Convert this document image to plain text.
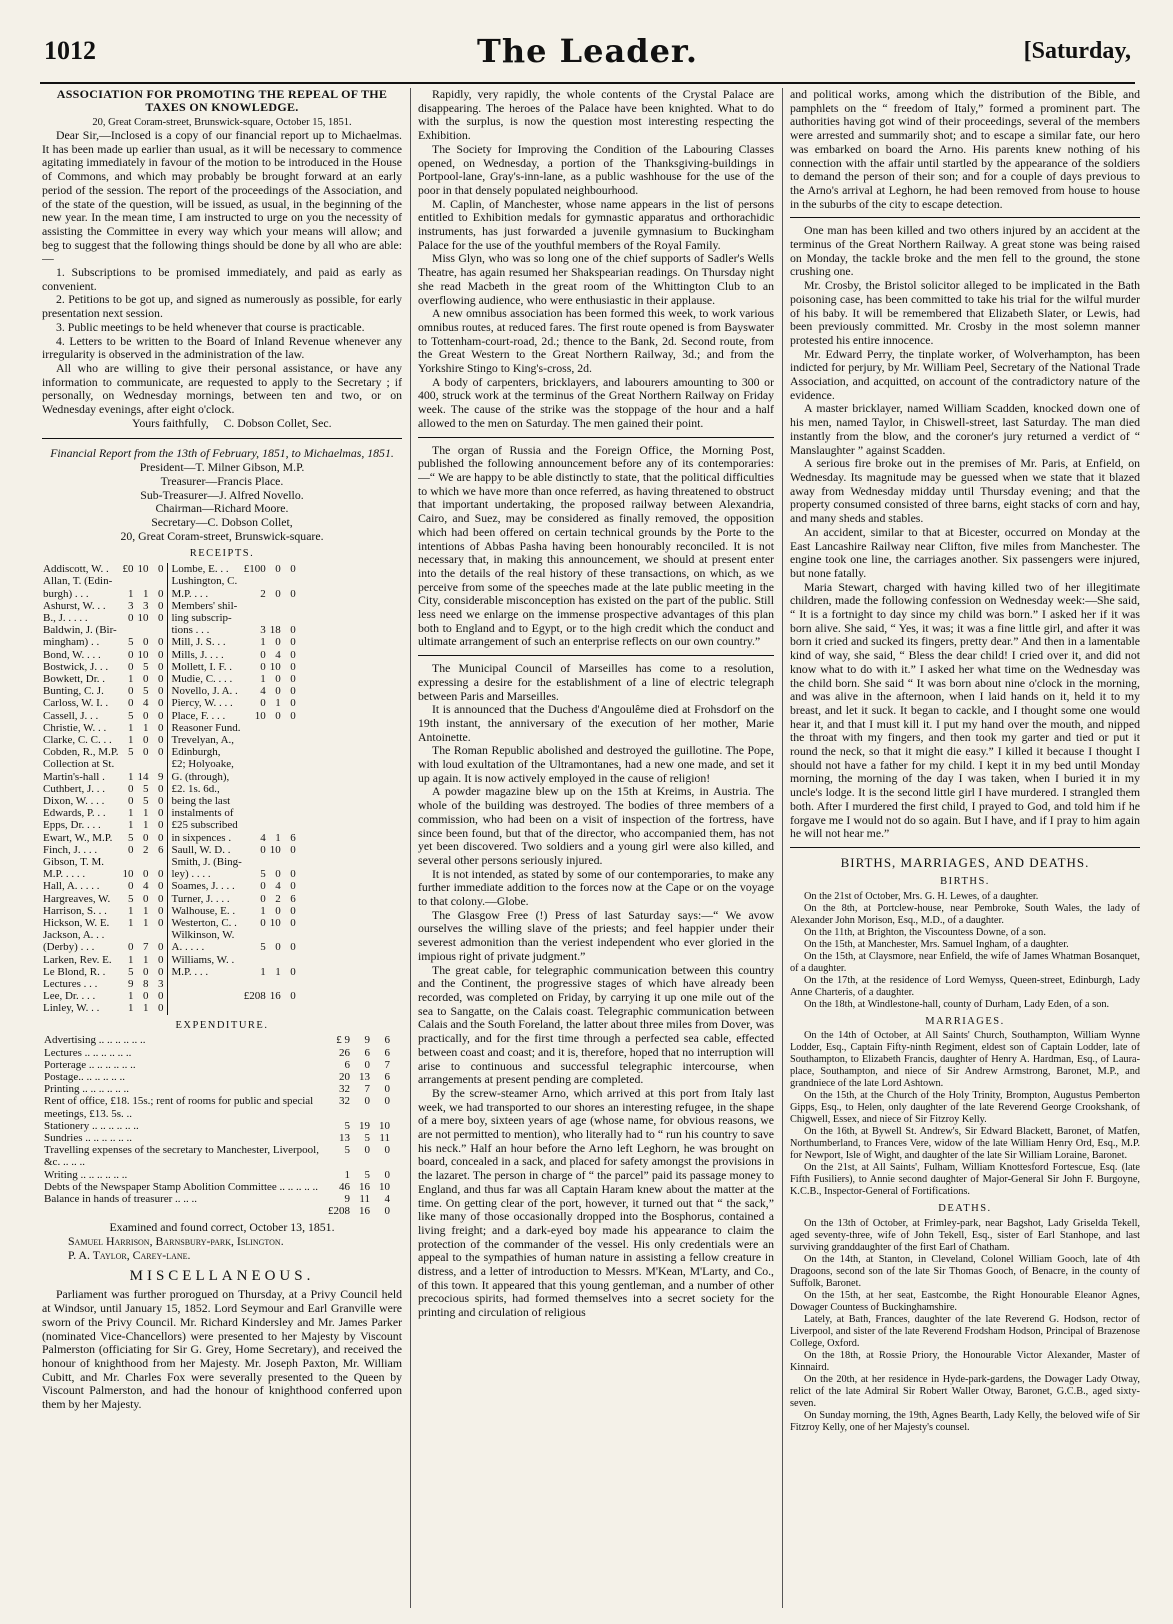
1012	The Leader.	[Saturday,
ASSOCIATION FOR PROMOTING THE REPEAL OF THE TAXES ON KNOWLEDGE.

20, Great Coram-street, Brunswick-square, October 15, 1851.

Dear Sir,—Inclosed is a copy of our financial report up to Michaelmas. It has been made up earlier than usual, as it will be necessary to commence agitating immediately in favour of the motion to be introduced in the House of Commons, and which may probably be brought forward at an early period of the session. The report of the proceedings of the Association, and of the state of the question, will be issued, as usual, in the beginning of the new year. In the mean time, I am instructed to urge on you the necessity of assisting the Committee in every way which your means will allow; and beg to suggest that the following things should be done by all who are able:—

1. Subscriptions to be promised immediately, and paid as early as convenient.

2. Petitions to be got up, and signed as numerously as possible, for early presentation next session.

3. Public meetings to be held whenever that course is practicable.

4. Letters to be written to the Board of Inland Revenue whenever any irregularity is observed in the administration of the law.

All who are willing to give their personal assistance, or have any information to communicate, are requested to apply to the Secretary ; if personally, on Wednesday mornings, between ten and two, or on Wednesday evenings, after eight o'clock.

Yours faithfully, C. Dobson Collet, Sec.

Financial Report from the 13th of February, 1851, to Michaelmas, 1851.

President—T. Milner Gibson, M.P.
Treasurer—Francis Place.
Sub-Treasurer—J. Alfred Novello.
Chairman—Richard Moore.
Secretary—C. Dobson Collet,
20, Great Coram-street, Brunswick-square.
RECEIPTS.
Addiscott, W. .	£0	10	0	Lombe, E. . .	£100	0	0
Allan, T. (Edin-				Lushington, C.			
burgh) . . .	1	1	0	M.P. . . .	2	0	0
Ashurst, W. . .	3	3	0	Members' shil-			
B., J. . . . .	0	10	0	ling subscrip-			
Baldwin, J. (Bir-				tions . . .	3	18	0
mingham) . .	5	0	0	Mill, J. S. . .	1	0	0
Bond, W. . . .	0	10	0	Mills, J. . . .	0	4	0
Bostwick, J. . .	0	5	0	Mollett, I. F. .	0	10	0
Bowkett, Dr. .	1	0	0	Mudie, C. . . .	1	0	0
Bunting, C. J.	0	5	0	Novello, J. A. .	4	0	0
Carloss, W. I. .	0	4	0	Piercy, W. . . .	0	1	0
Cassell, J. . .	5	0	0	Place, F. . . .	10	0	0
Christie, W. . .	1	1	0	Reasoner Fund.			
Clarke, C. C. . .	1	0	0	Trevelyan, A.,			
Cobden, R., M.P.	5	0	0	Edinburgh,			
Collection at St.				£2; Holyoake,			
Martin's-hall .	1	14	9	G. (through),			
Cuthbert, J. . .	0	5	0	£2. 1s. 6d.,			
Dixon, W. . . .	0	5	0	being the last			
Edwards, P. . .	1	1	0	instalments of			
Epps, Dr. . . .	1	1	0	£25 subscribed			
Ewart, W., M.P.	5	0	0	in sixpences .	4	1	6
Finch, J. . . .	0	2	6	Saull, W. D. .	0	10	0
Gibson, T. M.				Smith, J. (Bing-			
M.P. . . . .	10	0	0	ley) . . . .	5	0	0
Hall, A. . . . .	0	4	0	Soames, J. . . .	0	4	0
Hargreaves, W.	5	0	0	Turner, J. . . .	0	2	6
Harrison, S. . .	1	1	0	Walhouse, E. .	1	0	0
Hickson, W. E.	1	1	0	Westerton, C. .	0	10	0
Jackson, A. . .				Wilkinson, W.			
(Derby) . . .	0	7	0	A. . . . .	5	0	0
Larken, Rev. E.	1	1	0	Williams, W. .			
Le Blond, R. .	5	0	0	M.P. . . .	1	1	0
Lectures . . .	9	8	3				
Lee, Dr. . . .	1	0	0		£208	16	0
Linley, W. . .	1	1	0				
EXPENDITURE.
Advertising .. .. .. .. .. ..	£ 9	9	6
Lectures .. .. .. .. .. ..	26	6	6
Porterage .. .. .. .. .. ..	6	0	7
Postage.. .. .. .. .. ..	20	13	6
Printing .. .. .. .. .. ..	32	7	0
Rent of office, £18. 15s.; rent of rooms for public and special meetings, £13. 5s. ..	32	0	0
Stationery .. .. .. .. .. ..	5	19	10
Sundries .. .. .. .. .. ..	13	5	11
Travelling expenses of the secretary to Manchester, Liverpool, &c. .. .. ..	5	0	0
Writing .. .. .. .. .. ..	1	5	0
Debts of the Newspaper Stamp Abolition Committee .. .. .. .. ..	46	16	10
Balance in hands of treasurer .. .. ..	9	11	4
	£208	16	0

Examined and found correct, October 13, 1851.

Samuel Harrison, Barnsbury-park, Islington.

P. A. Taylor, Carey-lane.

MISCELLANEOUS.

Parliament was further prorogued on Thursday, at a Privy Council held at Windsor, until January 15, 1852. Lord Seymour and Earl Granville were sworn of the Privy Council. Mr. Richard Kindersley and Mr. James Parker (nominated Vice-Chancellors) were presented to her Majesty by Viscount Palmerston (officiating for Sir G. Grey, Home Secretary), and received the honour of knighthood from her Majesty. Mr. Joseph Paxton, Mr. William Cubitt, and Mr. Charles Fox were severally presented to the Queen by Viscount Palmerston, and had the honour of knighthood conferred upon them by her Majesty.

Rapidly, very rapidly, the whole contents of the Crystal Palace are disappearing. The heroes of the Palace have been knighted. What to do with the surplus, is now the question most interesting respecting the Exhibition.

The Society for Improving the Condition of the Labouring Classes opened, on Wednesday, a portion of the Thanksgiving-buildings in Portpool-lane, Gray's-inn-lane, as a public washhouse for the use of the poor in that densely populated neighbourhood.

M. Caplin, of Manchester, whose name appears in the list of persons entitled to Exhibition medals for gymnastic apparatus and orthorachidic instruments, has just forwarded a juvenile gymnasium to Buckingham Palace for the use of the youthful members of the Royal Family.

Miss Glyn, who was so long one of the chief supports of Sadler's Wells Theatre, has again resumed her Shakspearian readings. On Thursday night she read Macbeth in the great room of the Whittington Club to an overflowing audience, who were enthusiastic in their applause.

A new omnibus association has been formed this week, to work various omnibus routes, at reduced fares. The first route opened is from Bayswater to Tottenham-court-road, 2d.; thence to the Bank, 2d. Second route, from the Great Western to the Great Northern Railway, 3d.; and from the Yorkshire Stingo to King's-cross, 2d.

A body of carpenters, bricklayers, and labourers amounting to 300 or 400, struck work at the terminus of the Great Northern Railway on Friday week. The cause of the strike was the stoppage of the hour and a half allowed to the men on Saturday. The men gained their point.

The organ of Russia and the Foreign Office, the Morning Post, published the following announcement before any of its contemporaries:—“ We are happy to be able distinctly to state, that the political difficulties to which we have more than once referred, as having threatened to obstruct that important undertaking, the proposed railway between Alexandria, Cairo, and Suez, may be considered as finally removed, the opposition which had been offered on certain technical grounds by the Porte to the intentions of Abbas Pasha having been honourably reconciled. It is not necessary that, in making this announcement, we should at present enter into the details of the real history of these transactions, on which, as we perceive from some of the speeches made at the late public meeting in the City, considerable misconception has existed on the part of the public. Still less need we enlarge on the immense prospective advantages of this plan both to England and to Egypt, or to the high credit which the conduct and ultimate arrangement of such an enterprise reflects on our own country.”

The Municipal Council of Marseilles has come to a resolution, expressing a desire for the establishment of a line of electric telegraph between Paris and Marseilles.

It is announced that the Duchess d'Angoulême died at Frohsdorf on the 19th instant, the anniversary of the execution of her mother, Marie Antoinette.

The Roman Republic abolished and destroyed the guillotine. The Pope, with loud exultation of the Ultramontanes, had a new one made, and set it up again. It is now actively employed in the cause of religion!

A powder magazine blew up on the 15th at Kreims, in Austria. The whole of the building was destroyed. The bodies of three members of a commission, who had been on a visit of inspection of the fortress, have since been found, but that of the director, who accompanied them, has not yet been discovered. Two soldiers and a young girl were also killed, and several other persons seriously injured.

It is not intended, as stated by some of our contemporaries, to make any further immediate addition to the forces now at the Cape or on the voyage to that colony.—Globe.

The Glasgow Free (!) Press of last Saturday says:—“ We avow ourselves the willing slave of the priests; and feel happier under their severest admonition than the veriest independent who ever gloried in the impious right of private judgment.”

The great cable, for telegraphic communication between this country and the Continent, the progressive stages of which have already been recorded, was completed on Friday, by carrying it up one mile out of the sea to Sangatte, on the Calais coast. Telegraphic communication between Calais and the South Foreland, the latter about three miles from Dover, was practically, and for the first time through a perfected sea cable, effected between coast and coast; and it is, therefore, hoped that no interruption will arise to continuous and successful telegraphic intercourse, when arrangements at present pending are completed.

By the screw-steamer Arno, which arrived at this port from Italy last week, we had transported to our shores an interesting refugee, in the shape of a mere boy, sixteen years of age (whose name, for obvious reasons, we are not permitted to mention), who literally had to “ run his country to save his neck.” Half an hour before the Arno left Leghorn, he was brought on board, concealed in a sack, and placed for safety amongst the provisions in the lazaret. The person in charge of “ the parcel” paid its passage money to England, and thus far was all Captain Haram knew about the matter at the time. On getting clear of the port, however, it turned out that “ the sack,” like many of those occasionally dropped into the Bosphorus, contained a living freight; and a dark-eyed boy made his appearance to claim the protection of the commander of the vessel. His only credentials were an appeal to the sympathies of human nature in assisting a fellow creature in distress, and a letter of introduction to Messrs. M'Kean, M'Larty, and Co., of this town. It appeared that this young gentleman, and a number of other precocious spirits, had formed themselves into a secret society for the printing and circulation of religious

and political works, among which the distribution of the Bible, and pamphlets on the “ freedom of Italy,” formed a prominent part. The authorities having got wind of their proceedings, several of the members were arrested and summarily shot; and to escape a similar fate, our hero was embarked on board the Arno. His parents knew nothing of his connection with the affair until startled by the appearance of the soldiers to demand the person of their son; and for a couple of days previous to the Arno's arrival at Leghorn, he had been removed from house to house in the suburbs of the city to escape detection.

One man has been killed and two others injured by an accident at the terminus of the Great Northern Railway. A great stone was being raised on Monday, the tackle broke and the men fell to the ground, the stone crushing one.

Mr. Crosby, the Bristol solicitor alleged to be implicated in the Bath poisoning case, has been committed to take his trial for the wilful murder of his baby. It will be remembered that Elizabeth Slater, or Lewis, had been previously committed. Mr. Crosby in the most solemn manner protested his entire innocence.

Mr. Edward Perry, the tinplate worker, of Wolverhampton, has been indicted for perjury, by Mr. William Peel, Secretary of the National Trade Association, and acquitted, on account of the contradictory nature of the evidence.

A master bricklayer, named William Scadden, knocked down one of his men, named Taylor, in Chiswell-street, last Saturday. The man died instantly from the blow, and the coroner's jury returned a verdict of “ Manslaughter ” against Scadden.

A serious fire broke out in the premises of Mr. Paris, at Enfield, on Wednesday. Its magnitude may be guessed when we state that it blazed away from Wednesday midday until Thursday evening; and that the property consumed consisted of three barns, eight stacks of corn and hay, and many sheds and stables.

An accident, similar to that at Bicester, occurred on Monday at the East Lancashire Railway near Clifton, five miles from Manchester. The engine took one line, the carriages another. Six passengers were injured, but none fatally.

Maria Stewart, charged with having killed two of her illegitimate children, made the following confession on Wednesday week:—She said, “ It is a fortnight to day since my child was born.” I asked her if it was born alive. She said, “ Yes, it was; it was a fine little girl, and after it was born it cried and sucked its fingers, pretty dear.” And then in a lamentable kind of way, she said, “ Bless the dear child! I cried over it, and did not know what to do with it.” I asked her what time on the Wednesday was the child born. She said “ It was born about nine o'clock in the morning, and was alive in the afternoon, when I laid hands on it, held it to my breast, and let it suck. It began to cackle, and I thought some one would hear it, and that I must kill it. I put my hand over the mouth, and nipped the throat with my fingers, and then took my garter and tied or put it round the neck, so that it might die easy.” I killed it because I thought I should not have a father for my child. I kept it in my bed until Monday morning, the morning of the day I was taken, when I buried it in my uncle's lodge. It is the second little girl I have murdered. I strangled them both. After I murdered the first child, I prayed to God, and told him if he forgave me I would not do so again. But I have, and if I pray to him again he will not hear me.”

BIRTHS, MARRIAGES, AND DEATHS.
BIRTHS.

On the 21st of October, Mrs. G. H. Lewes, of a daughter.

On the 8th, at Portclew-house, near Pembroke, South Wales, the lady of Alexander John Morison, Esq., M.D., of a daughter.

On the 11th, at Brighton, the Viscountess Downe, of a son.

On the 15th, at Manchester, Mrs. Samuel Ingham, of a daughter.

On the 15th, at Claysmore, near Enfield, the wife of James Whatman Bosanquet, of a daughter.

On the 17th, at the residence of Lord Wemyss, Queen-street, Edinburgh, Lady Anne Charteris, of a daughter.

On the 18th, at Windlestone-hall, county of Durham, Lady Eden, of a son.

MARRIAGES.

On the 14th of October, at All Saints' Church, Southampton, William Wynne Lodder, Esq., Captain Fifty-ninth Regiment, eldest son of Captain Lodder, late of Southampton, to Elizabeth Francis, daughter of Henry A. Hardman, Esq., of Laura-place, Southampton, and niece of Sir Andrew Armstrong, Baronet, M.P., and grandniece of the late Lord Ashtown.

On the 15th, at the Church of the Holy Trinity, Brompton, Augustus Pemberton Gipps, Esq., to Helen, only daughter of the late Reverend George Crookshank, of Chigwell, Essex, and niece of Sir Fitzroy Kelly.

On the 16th, at Bywell St. Andrew's, Sir Edward Blackett, Baronet, of Matfen, Northumberland, to Frances Vere, widow of the late William Henry Ord, Esq., M.P. for Newport, Isle of Wight, and daughter of the late Sir William Loraine, Baronet.

On the 21st, at All Saints', Fulham, William Knottesford Fortescue, Esq. (late Fifth Fusiliers), to Annie second daughter of Major-General Sir John F. Burgoyne, K.C.B., Inspector-General of Fortifications.

DEATHS.

On the 13th of October, at Frimley-park, near Bagshot, Lady Griselda Tekell, aged seventy-three, wife of John Tekell, Esq., sister of Earl Stanhope, and last surviving granddaughter of the first Earl of Chatham.

On the 14th, at Stanton, in Cleveland, Colonel William Gooch, late of 4th Dragoons, second son of the late Sir Thomas Gooch, of Benacre, in the county of Suffolk, Baronet.

On the 15th, at her seat, Eastcombe, the Right Honourable Eleanor Agnes, Dowager Countess of Buckinghamshire.

Lately, at Bath, Frances, daughter of the late Reverend G. Hodson, rector of Liverpool, and sister of the late Reverend Frodsham Hodson, Principal of Brazenose College, Oxford.

On the 18th, at Rossie Priory, the Honourable Victor Alexander, Master of Kinnaird.

On the 20th, at her residence in Hyde-park-gardens, the Dowager Lady Otway, relict of the late Admiral Sir Robert Waller Otway, Baronet, G.C.B., aged sixty-seven.

On Sunday morning, the 19th, Agnes Bearth, Lady Kelly, the beloved wife of Sir Fitzroy Kelly, one of her Majesty's counsel.
